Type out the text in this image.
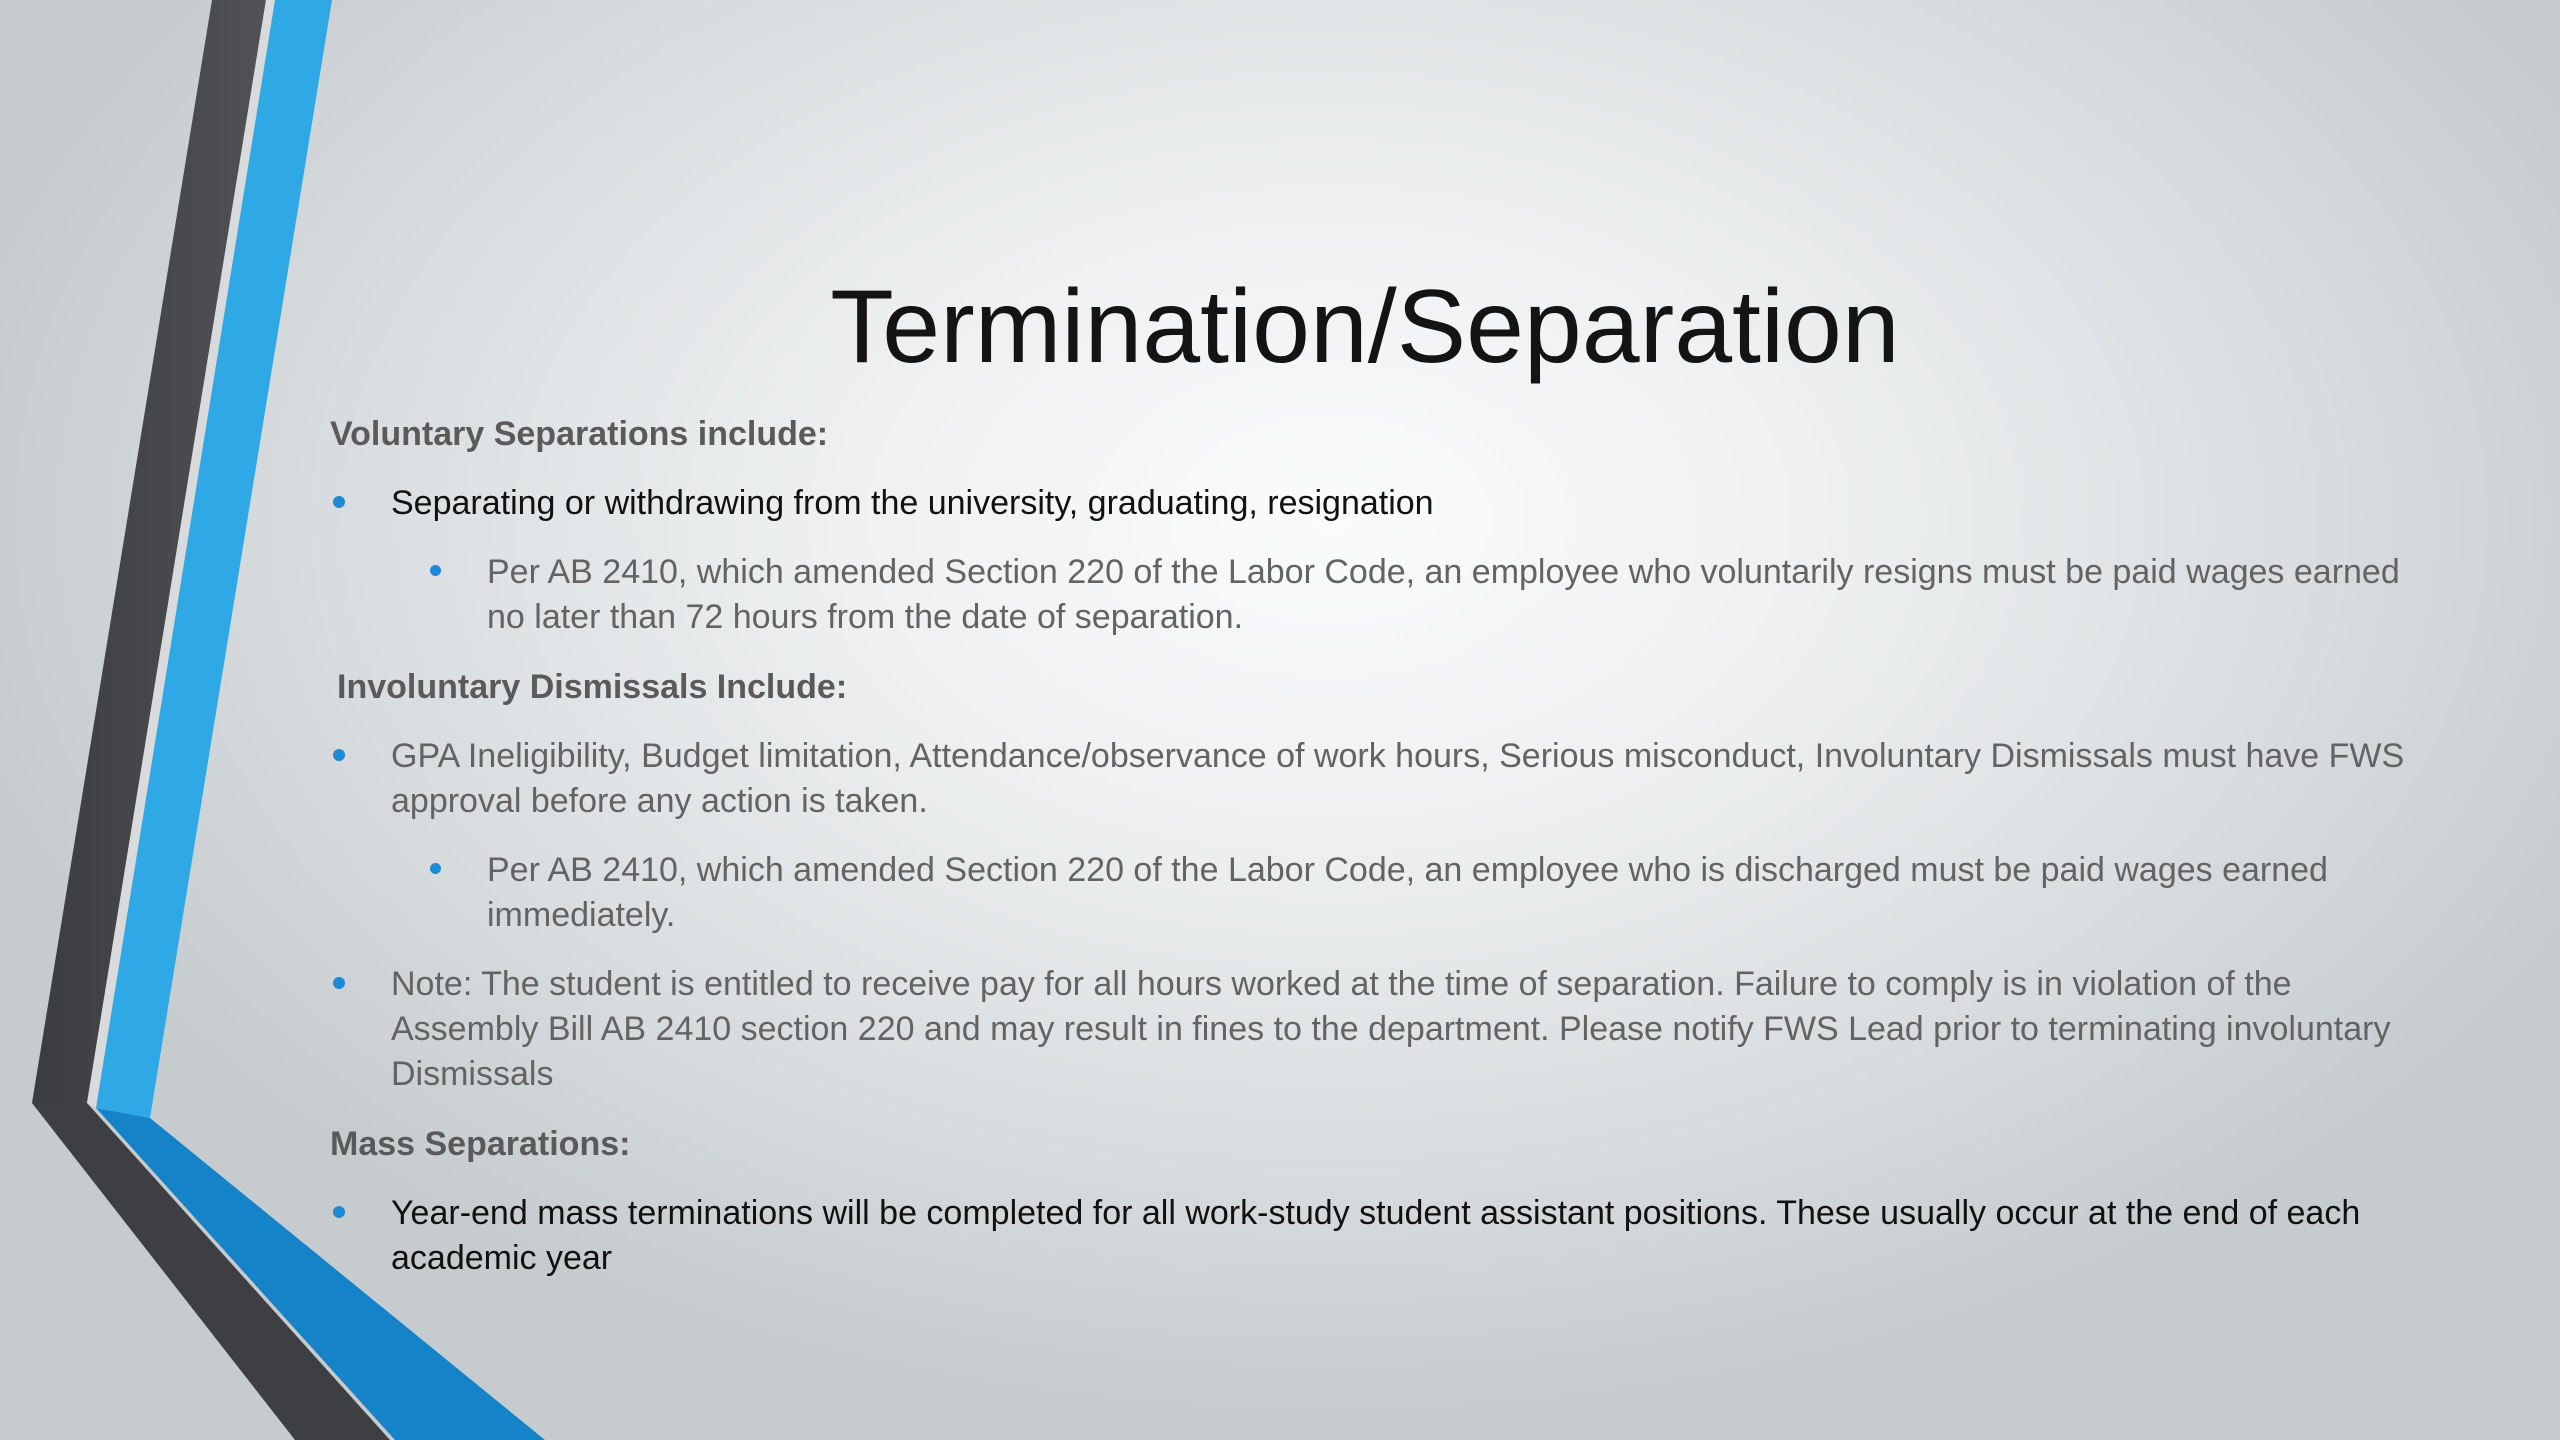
Termination/Separation

Voluntary Separations include:

Separating or withdrawing from the university, graduating, resignation

Per AB 2410, which amended Section 220 of the Labor Code, an employee who voluntarily resigns must be paid wages earned no later than 72 hours from the date of separation.

Involuntary Dismissals Include:

GPA Ineligibility, Budget limitation, Attendance/observance of work hours, Serious misconduct, Involuntary Dismissals must have FWS approval before any action is taken.

Per AB 2410, which amended Section 220 of the Labor Code, an employee who is discharged must be paid wages earned immediately.

Note: The student is entitled to receive pay for all hours worked at the time of separation. Failure to comply is in violation of the Assembly Bill AB 2410 section 220 and may result in fines to the department. Please notify FWS Lead prior to terminating involuntary Dismissals

Mass Separations:

Year-end mass terminations will be completed for all work-study student assistant positions. These usually occur at the end of each academic year
